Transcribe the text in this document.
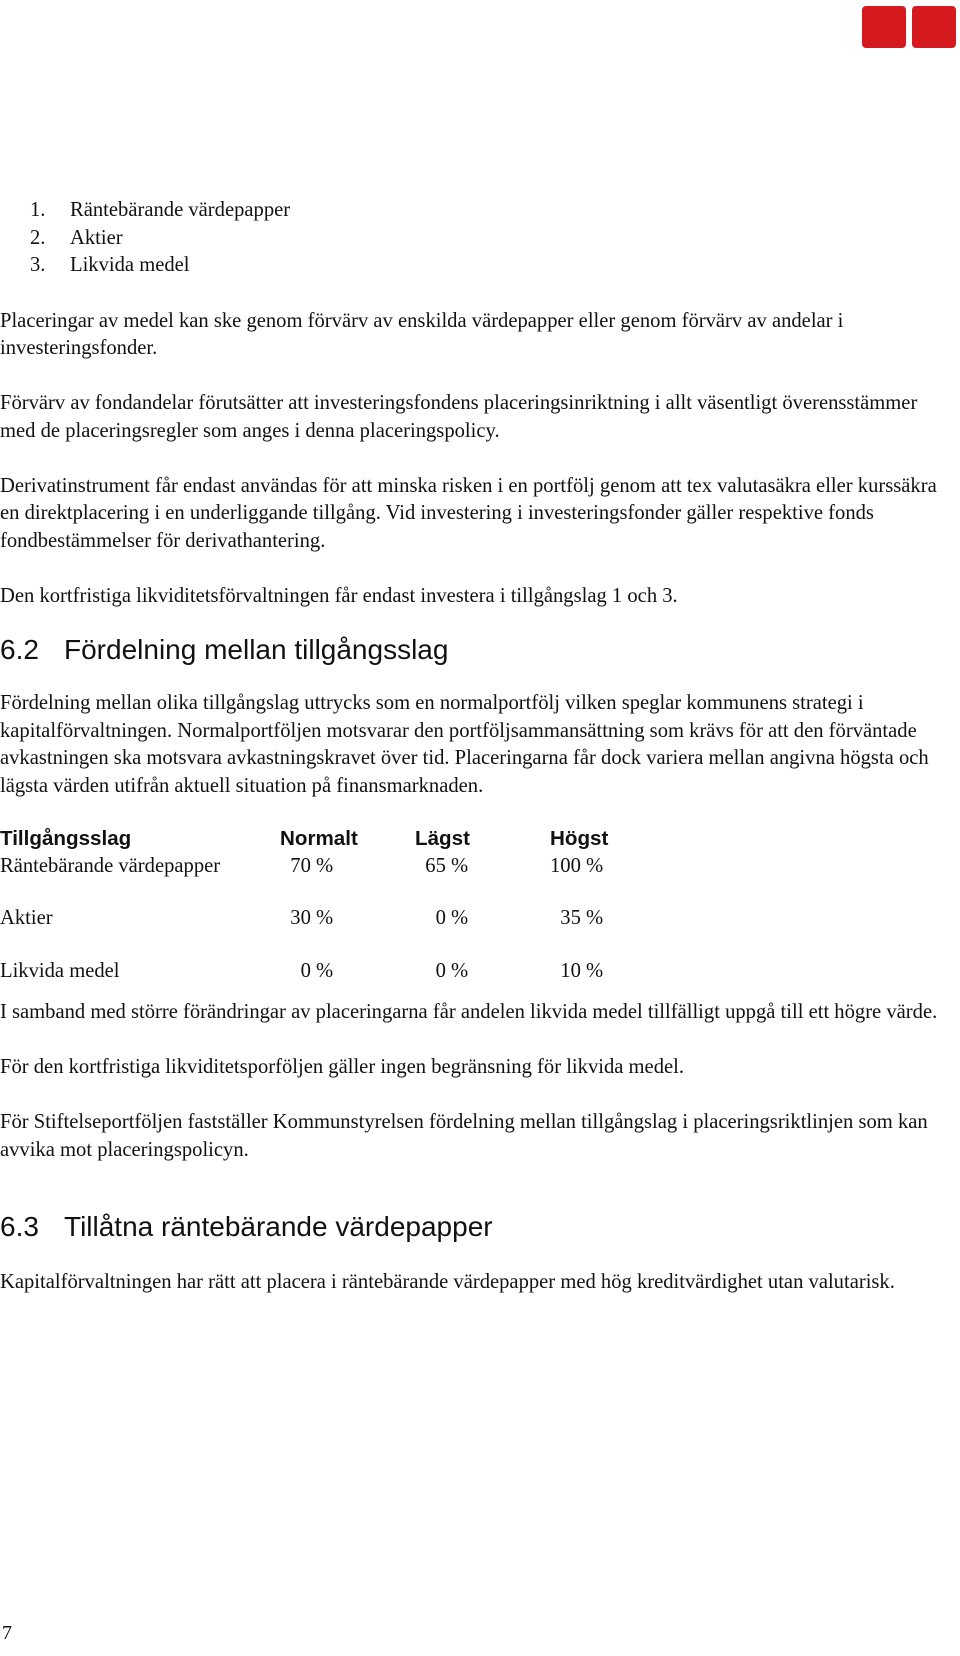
1. Räntebärande värdepapper
2. Aktier
3. Likvida medel

Placeringar av medel kan ske genom förvärv av enskilda värdepapper eller genom förvärv av andelar i investeringsfonder.

Förvärv av fondandelar förutsätter att investeringsfondens placeringsinriktning i allt väsentligt överensstämmer med de placeringsregler som anges i denna placeringspolicy.

Derivatinstrument får endast användas för att minska risken i en portfölj genom att tex valutasäkra eller kurssäkra en direktplacering i en underliggande tillgång. Vid investering i investeringsfonder gäller respektive fonds fondbestämmelser för derivathantering.

Den kortfristiga likviditetsförvaltningen får endast investera i tillgångslag 1 och 3.

6.2 Fördelning mellan tillgångsslag

Fördelning mellan olika tillgångslag uttrycks som en normalportfölj vilken speglar kommunens strategi i kapitalförvaltningen. Normalportföljen motsvarar den portföljsammansättning som krävs för att den förväntade avkastningen ska motsvara avkastningskravet över tid. Placeringarna får dock variera mellan angivna högsta och lägsta värden utifrån aktuell situation på finansmarknaden.

Tillgångsslag	Normalt	Lägst	Högst
Räntebärande värdepapper	70 %	65 %	100 %

Aktier	30 %	0 %	35 %

Likvida medel	0 %	0 %	10 %

I samband med större förändringar av placeringarna får andelen likvida medel tillfälligt uppgå till ett högre värde.

För den kortfristiga likviditetsporföljen gäller ingen begränsning för likvida medel.

För Stiftelseportföljen fastställer Kommunstyrelsen fördelning mellan tillgångslag i placeringsriktlinjen som kan avvika mot placeringspolicyn.

6.3 Tillåtna räntebärande värdepapper

Kapitalförvaltningen har rätt att placera i räntebärande värdepapper med hög kreditvärdighet utan valutarisk.

7
